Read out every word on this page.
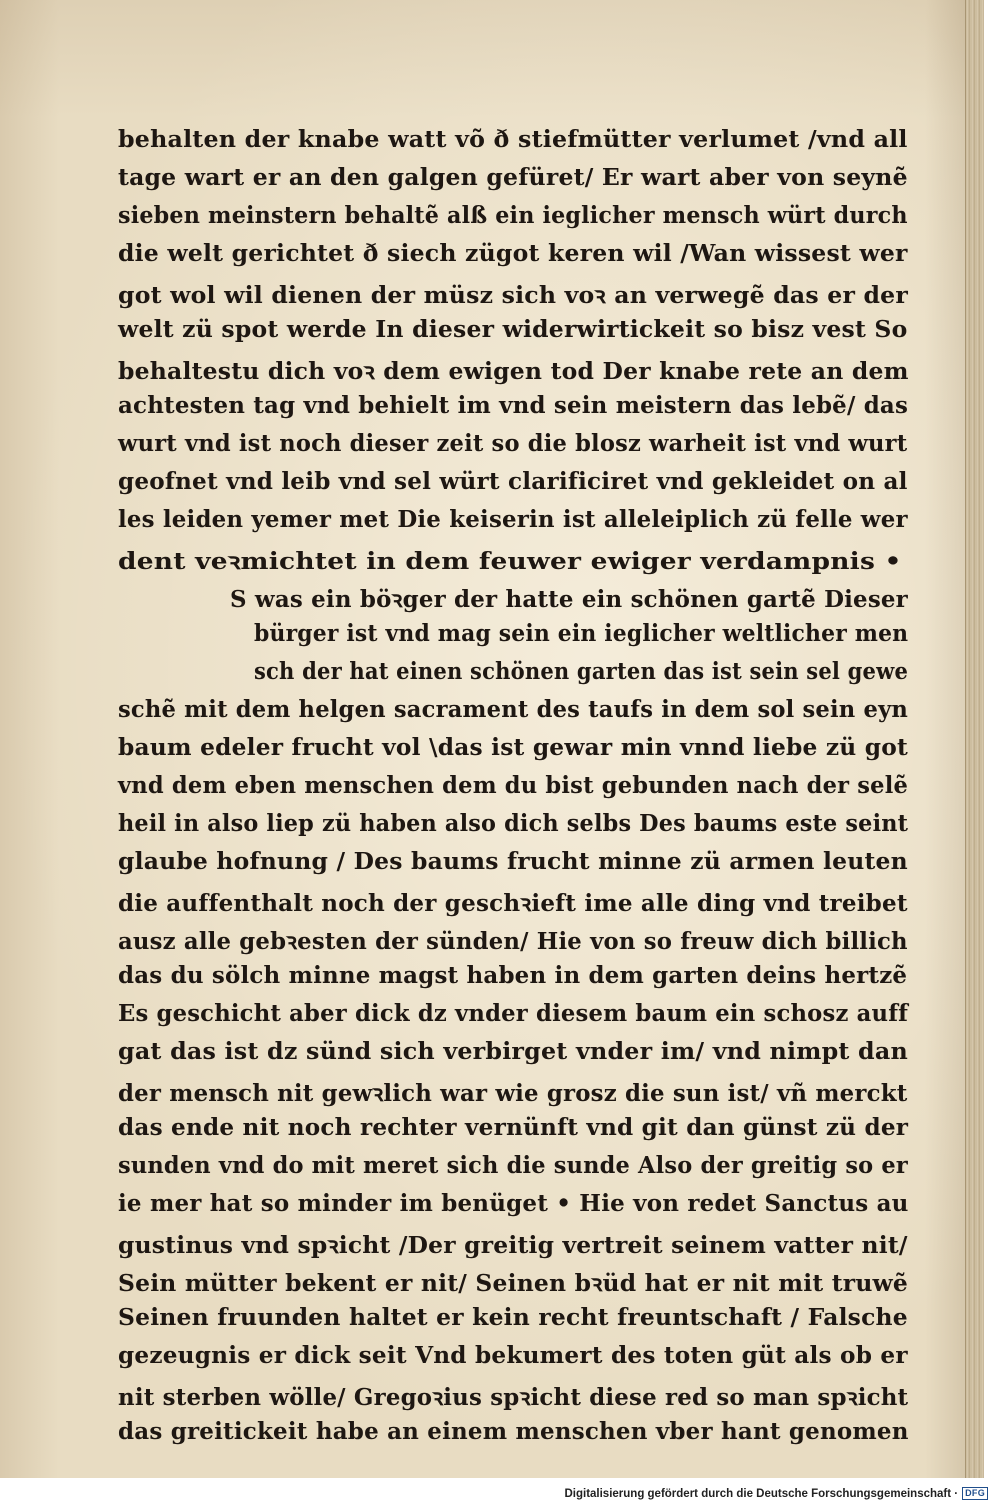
behalten der knabe watt võ ð stiefmütter verlumet /vnd all
tage wart er an den galgen gefüret/ Er wart aber von seynẽ
sieben meinstern behaltẽ alß ein ieglicher mensch würt durch
die welt gerichtet ð siech zügot keren wil /Wan wissest wer
got wol wil dienen der müsz sich voꝛ an verwegẽ das er der
welt zü spot werde In dieser widerwirtickeit so bisz vest So
behaltestu dich voꝛ dem ewigen tod Der knabe rete an dem
achtesten tag vnd behielt im vnd sein meistern das lebẽ/ das
wurt vnd ist noch dieser zeit so die blosz warheit ist vnd wurt
geofnet vnd leib vnd sel würt clarificiret vnd gekleidet on al
les leiden yemer met Die keiserin ist alleleiplich zü felle wer
dent veꝛmichtet in dem feuwer ewiger verdampnis •
S was ein böꝛger der hatte ein schönen gartẽ Dieser
bürger ist vnd mag sein ein ieglicher weltlicher men
sch der hat einen schönen garten das ist sein sel gewe
schẽ mit dem helgen sacrament des taufs in dem sol sein eyn
baum edeler frucht vol \das ist gewar min vnnd liebe zü got
vnd dem eben menschen dem du bist gebunden nach der selẽ
heil in also liep zü haben also dich selbs Des baums este seint
glaube hofnung / Des baums frucht minne zü armen leuten
die auffenthalt noch der geschꝛieft ime alle ding vnd treibet
ausz alle gebꝛesten der sünden/ Hie von so freuw dich billich
das du sölch minne magst haben in dem garten deins hertzẽ
Es geschicht aber dick dz vnder diesem baum ein schosz auff
gat das ist dz sünd sich verbirget vnder im/ vnd nimpt dan
der mensch nit gewꝛlich war wie grosz die sun ist/ vñ merckt
das ende nit noch rechter vernünft vnd git dan günst zü der
sunden vnd do mit meret sich die sunde Also der greitig so er
ie mer hat so minder im benüget • Hie von redet Sanctus au
gustinus vnd spꝛicht /Der greitig vertreit seinem vatter nit/
Sein mütter bekent er nit/ Seinen bꝛüd hat er nit mit truwẽ
Seinen fruunden haltet er kein recht freuntschaft / Falsche
gezeugnis er dick seit Vnd bekumert des toten güt als ob er
nit sterben wölle/ Gregoꝛius spꝛicht diese red so man spꝛicht
das greitickeit habe an einem menschen vber hant genomen
Digitalisierung gefördert durch die Deutsche Forschungsgemeinschaft · DFG
